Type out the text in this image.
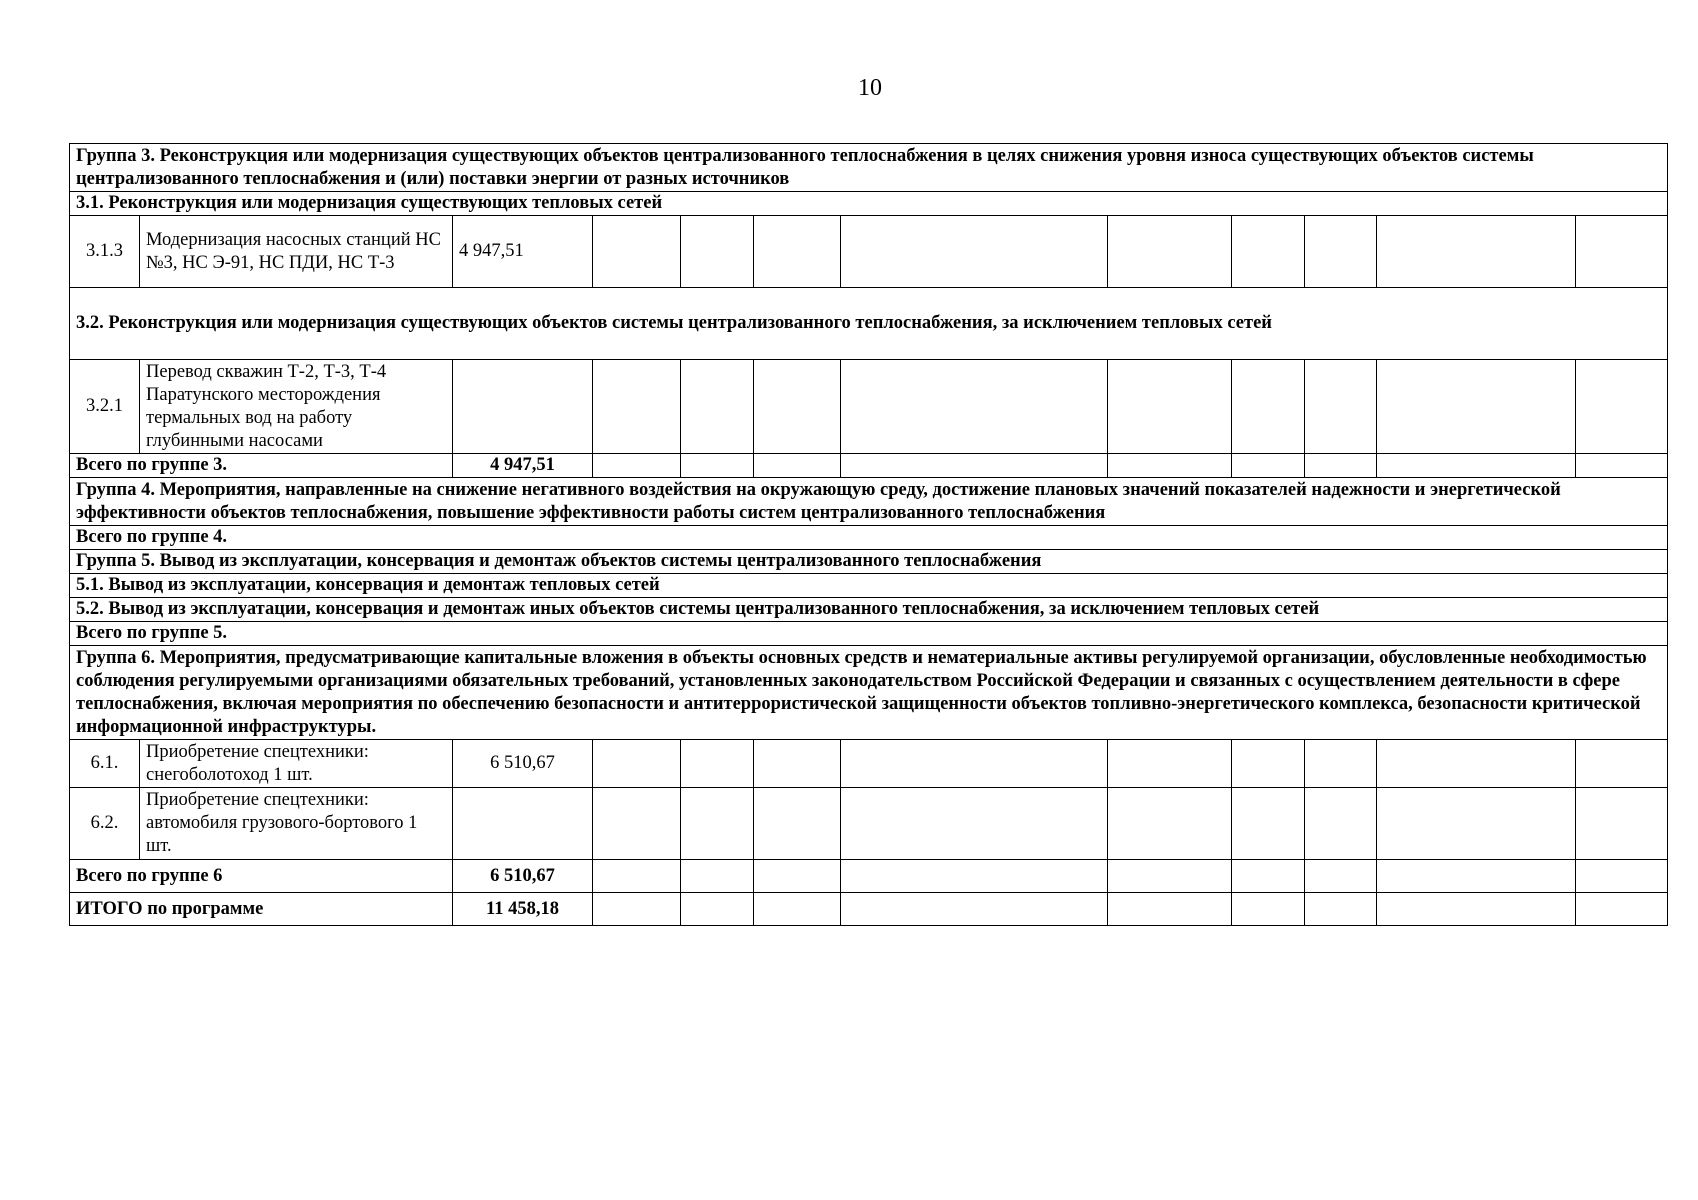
10
Группа 3. Реконструкция или модернизация существующих объектов централизованного теплоснабжения в целях снижения уровня износа существующих объектов системы централизованного теплоснабжения и (или) поставки энергии от разных источников											
3.1. Реконструкция или модернизация существующих тепловых сетей											
3.1.3	Модернизация насосных станций НС №3, НС Э-91, НС ПДИ, НС Т-3	4 947,51									
3.2. Реконструкция или модернизация существующих объектов системы централизованного теплоснабжения, за исключением тепловых сетей											
3.2.1	Перевод скважин Т-2, Т-3, Т-4 Паратунского месторождения термальных вод на работу глубинными насосами										
Всего по группе 3.		4 947,51									
Группа 4. Мероприятия, направленные на снижение негативного воздействия на окружающую среду, достижение плановых значений показателей надежности и энергетической эффективности объектов теплоснабжения, повышение эффективности работы систем централизованного теплоснабжения											
Всего по группе 4.											
Группа 5. Вывод из эксплуатации, консервация и демонтаж объектов системы централизованного теплоснабжения											
5.1. Вывод из эксплуатации, консервация и демонтаж тепловых сетей											
5.2. Вывод из эксплуатации, консервация и демонтаж иных объектов системы централизованного теплоснабжения, за исключением тепловых сетей											
Всего по группе 5.											
Группа 6. Мероприятия, предусматривающие капитальные вложения в объекты основных средств и нематериальные активы регулируемой организации, обусловленные необходимостью соблюдения регулируемыми организациями обязательных требований, установленных законодательством Российской Федерации и связанных с осуществлением деятельности в сфере теплоснабжения, включая мероприятия по обеспечению безопасности и антитеррористической защищенности объектов топливно-энергетического комплекса, безопасности критической информационной инфраструктуры.											
6.1.	Приобретение спецтехники: снегоболотоход 1 шт.	6 510,67									
6.2.	Приобретение спецтехники: автомобиля грузового-бортового 1 шт.										
Всего по группе 6		6 510,67									
ИТОГО по программе		11 458,18									
